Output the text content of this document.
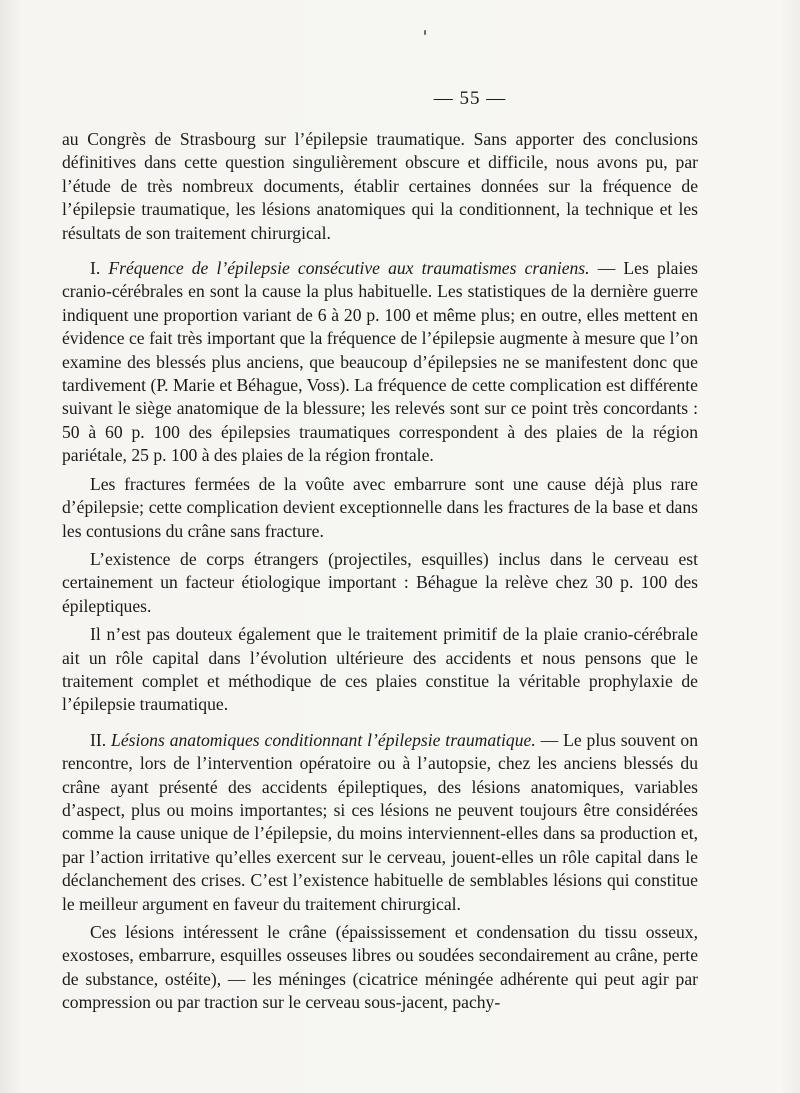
— 55 —

au Congrès de Strasbourg sur l’épilepsie traumatique. Sans apporter des conclusions définitives dans cette question singulièrement obscure et difficile, nous avons pu, par l’étude de très nombreux documents, établir certaines données sur la fréquence de l’épilepsie traumatique, les lésions anatomiques qui la conditionnent, la technique et les résultats de son traitement chirurgical.

I. Fréquence de l’épilepsie consécutive aux traumatismes craniens. — Les plaies cranio-cérébrales en sont la cause la plus habituelle. Les statistiques de la dernière guerre indiquent une proportion variant de 6 à 20 p. 100 et même plus; en outre, elles mettent en évidence ce fait très important que la fréquence de l’épilepsie augmente à mesure que l’on examine des blessés plus anciens, que beaucoup d’épilepsies ne se manifestent donc que tardivement (P. Marie et Béhague, Voss). La fréquence de cette complication est différente suivant le siège anatomique de la blessure; les relevés sont sur ce point très concordants : 50 à 60 p. 100 des épilepsies traumatiques correspondent à des plaies de la région pariétale, 25 p. 100 à des plaies de la région frontale.

Les fractures fermées de la voûte avec embarrure sont une cause déjà plus rare d’épilepsie; cette complication devient exceptionnelle dans les fractures de la base et dans les contusions du crâne sans fracture.

L’existence de corps étrangers (projectiles, esquilles) inclus dans le cerveau est certainement un facteur étiologique important : Béhague la relève chez 30 p. 100 des épileptiques.

Il n’est pas douteux également que le traitement primitif de la plaie cranio-cérébrale ait un rôle capital dans l’évolution ultérieure des accidents et nous pensons que le traitement complet et méthodique de ces plaies constitue la véritable prophylaxie de l’épilepsie traumatique.

II. Lésions anatomiques conditionnant l’épilepsie traumatique. — Le plus souvent on rencontre, lors de l’intervention opératoire ou à l’autopsie, chez les anciens blessés du crâne ayant présenté des accidents épileptiques, des lésions anatomiques, variables d’aspect, plus ou moins importantes; si ces lésions ne peuvent toujours être considérées comme la cause unique de l’épilepsie, du moins interviennent-elles dans sa production et, par l’action irritative qu’elles exercent sur le cerveau, jouent-elles un rôle capital dans le déclanchement des crises. C’est l’existence habituelle de semblables lésions qui constitue le meilleur argument en faveur du traitement chirurgical.

Ces lésions intéressent le crâne (épaississement et condensation du tissu osseux, exostoses, embarrure, esquilles osseuses libres ou soudées secondairement au crâne, perte de substance, ostéite), — les méninges (cicatrice méningée adhérente qui peut agir par compression ou par traction sur le cerveau sous-jacent, pachy-
